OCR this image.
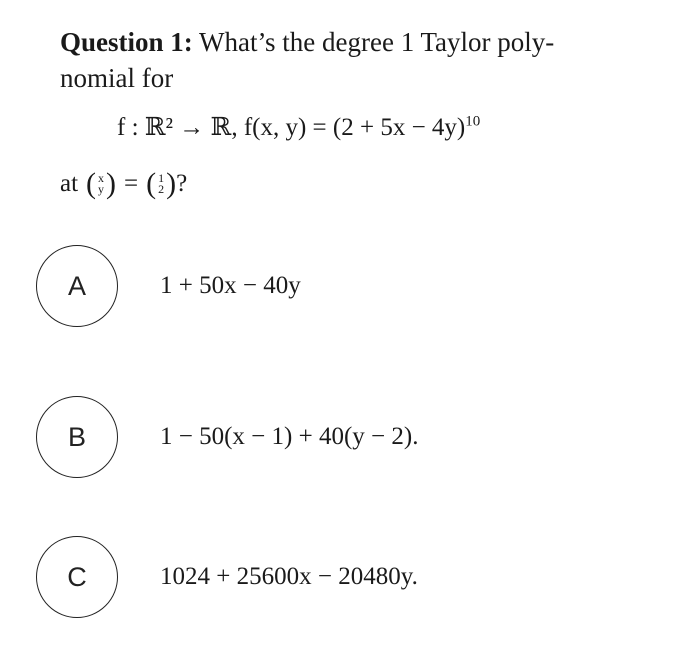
Question 1: What’s the degree 1 Taylor poly-
nomial for
f : ℝ² → ℝ, f(x, $y) = (2 + 5x - 4y)^{10}$
at ( x
y ) = ( 1
2 ) ?
A	1 + 50x − 40y
B	1 − 50(x − 1) + 40(y − 2).
C	1024 + 25600x − 20480y.
